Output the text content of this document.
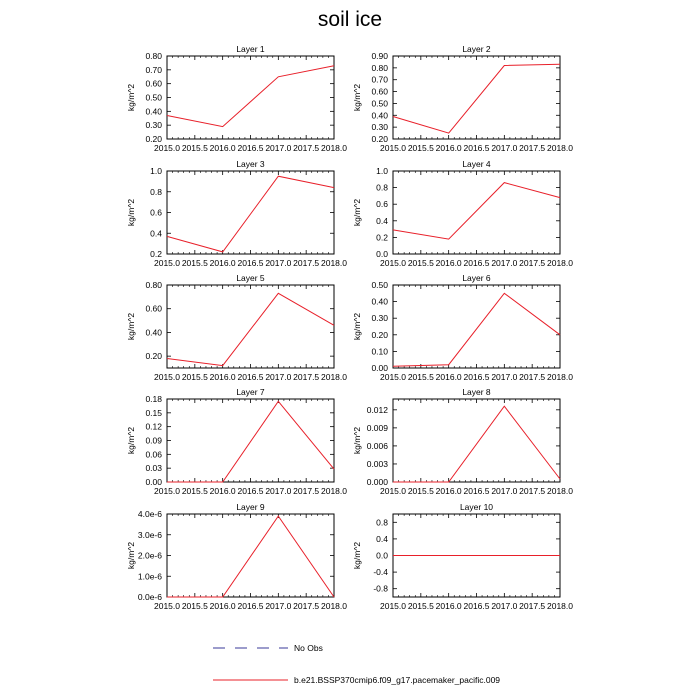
soil ice
Layer 1
2015.0 2015.5 2016.0 2016.5 2017.0 2017.5 2018.0
0.20
0.30
0.40
0.50
0.60
0.70
0.80
kg/m^2
Layer 2
2015.0 2015.5 2016.0 2016.5 2017.0 2017.5 2018.0
0.20
0.30
0.40
0.50
0.60
0.70
0.80
0.90
kg/m^2
Layer 3
2015.0 2015.5 2016.0 2016.5 2017.0 2017.5 2018.0
0.2
0.4
0.6
0.8
1.0
kg/m^2
Layer 4
2015.0 2015.5 2016.0 2016.5 2017.0 2017.5 2018.0
0.0
0.2
0.4
0.6
0.8
1.0
kg/m^2
Layer 5
2015.0 2015.5 2016.0 2016.5 2017.0 2017.5 2018.0
0.20
0.40
0.60
0.80
kg/m^2
Layer 6
2015.0 2015.5 2016.0 2016.5 2017.0 2017.5 2018.0
0.00
0.10
0.20
0.30
0.40
0.50
kg/m^2
Layer 7
2015.0 2015.5 2016.0 2016.5 2017.0 2017.5 2018.0
0.00
0.03
0.06
0.09
0.12
0.15
0.18
kg/m^2
Layer 8
2015.0 2015.5 2016.0 2016.5 2017.0 2017.5 2018.0
0.000
0.003
0.006
0.009
0.012
kg/m^2
Layer 9
2015.0 2015.5 2016.0 2016.5 2017.0 2017.5 2018.0
0.0e-6
1.0e-6
2.0e-6
3.0e-6
4.0e-6
kg/m^2
Layer 10
2015.0 2015.5 2016.0 2016.5 2017.0 2017.5 2018.0
-0.8
-0.4
0.0
0.4
0.8
kg/m^2
No Obs
b.e21.BSSP370cmip6.f09_g17.pacemaker_pacific.009
